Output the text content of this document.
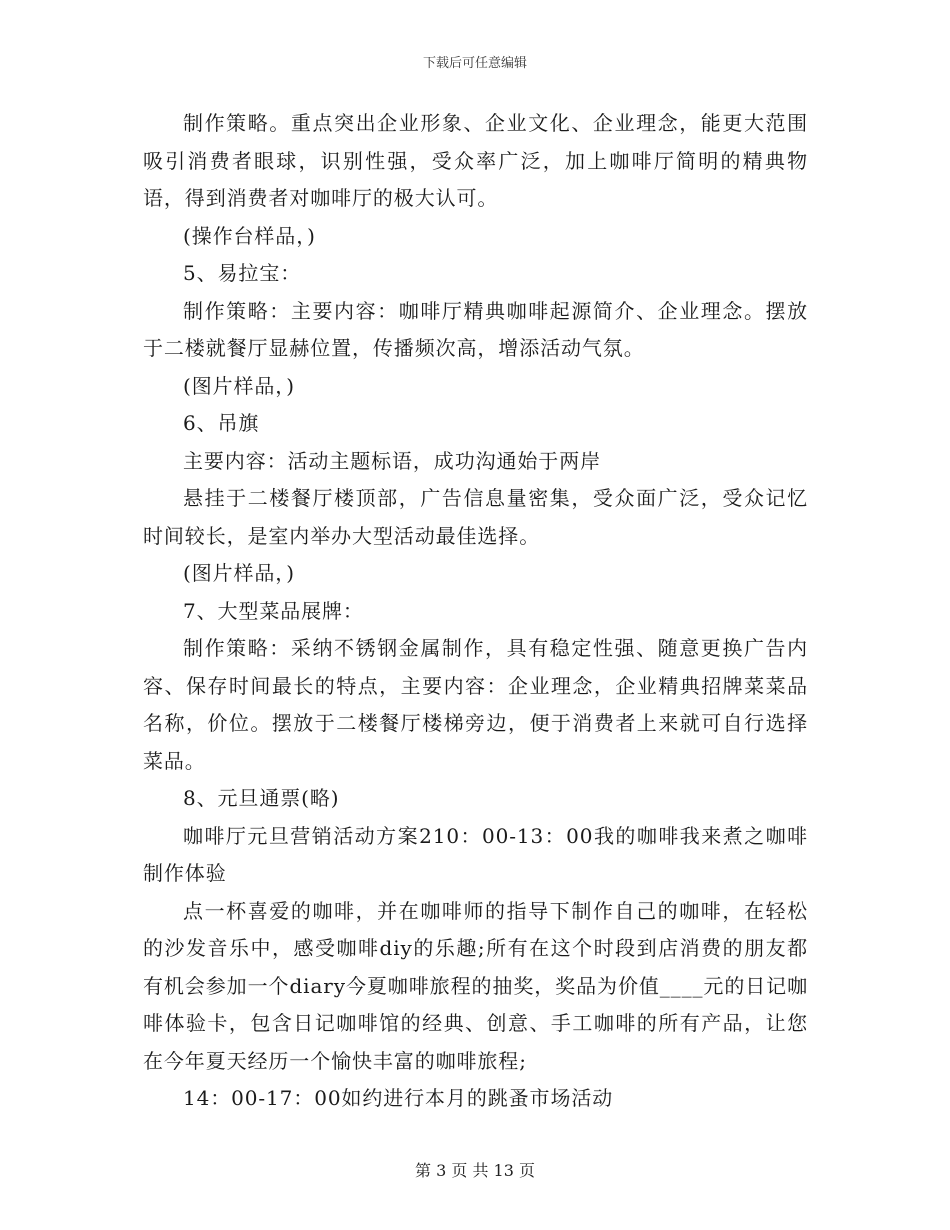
下载后可任意编辑

制作策略。重点突出企业形象、企业文化、企业理念，能更大范围吸引消费者眼球，识别性强，受众率广泛，加上咖啡厅简明的精典物语，得到消费者对咖啡厅的极大认可。

(操作台样品，)

5、易拉宝：

制作策略：主要内容：咖啡厅精典咖啡起源简介、企业理念。摆放于二楼就餐厅显赫位置，传播频次高，增添活动气氛。

(图片样品，)

6、吊旗

主要内容：活动主题标语，成功沟通始于两岸

悬挂于二楼餐厅楼顶部，广告信息量密集，受众面广泛，受众记忆时间较长，是室内举办大型活动最佳选择。

(图片样品，)

7、大型菜品展牌：

制作策略：采纳不锈钢金属制作，具有稳定性强、随意更换广告内容、保存时间最长的特点，主要内容：企业理念，企业精典招牌菜菜品名称，价位。摆放于二楼餐厅楼梯旁边，便于消费者上来就可自行选择菜品。

8、元旦通票(略)

咖啡厅元旦营销活动方案210：00-13：00我的咖啡我来煮之咖啡制作体验

点一杯喜爱的咖啡，并在咖啡师的指导下制作自己的咖啡，在轻松的沙发音乐中，感受咖啡diy的乐趣;所有在这个时段到店消费的朋友都有机会参加一个diary今夏咖啡旅程的抽奖，奖品为价值____元的日记咖啡体验卡，包含日记咖啡馆的经典、创意、手工咖啡的所有产品，让您在今年夏天经历一个愉快丰富的咖啡旅程;

14：00-17：00如约进行本月的跳蚤市场活动

第 3 页 共 13 页
